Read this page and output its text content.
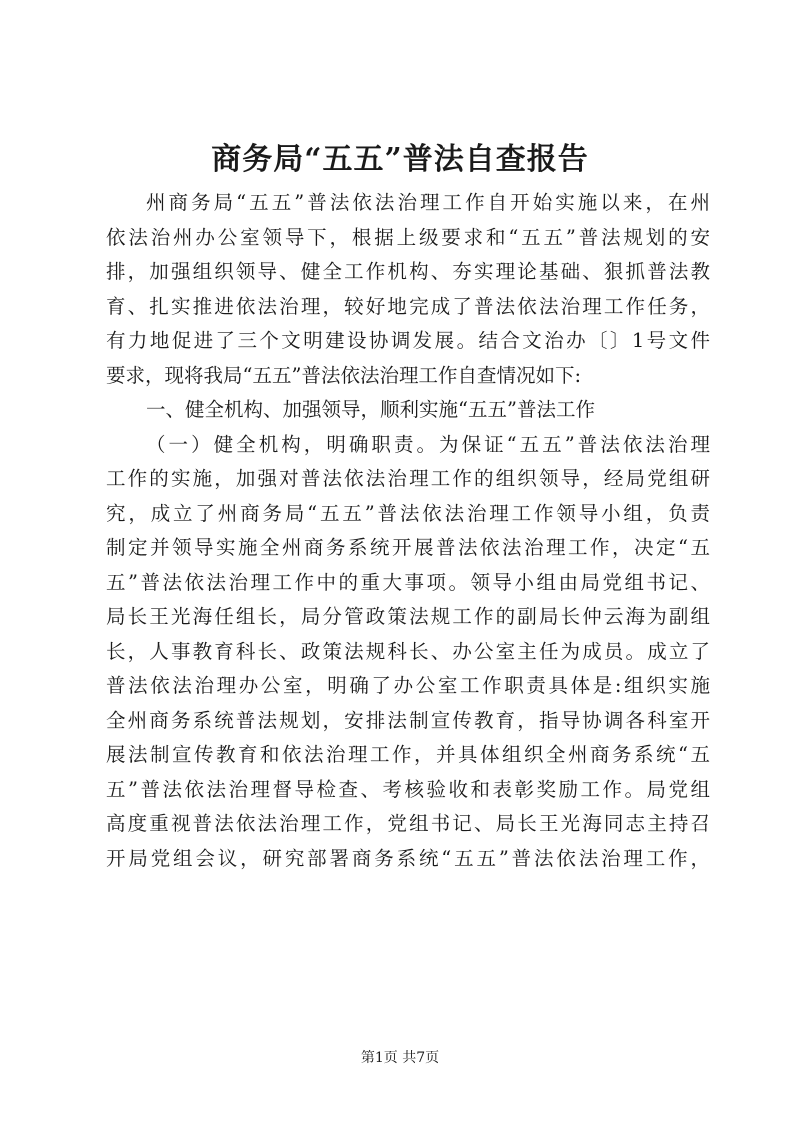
商务局“五五”普法自查报告
州商务局“五五”普法依法治理工作自开始实施以来，在州
依法治州办公室领导下，根据上级要求和“五五”普法规划的安
排，加强组织领导、健全工作机构、夯实理论基础、狠抓普法教
育、扎实推进依法治理，较好地完成了普法依法治理工作任务，
有力地促进了三个文明建设协调发展。结合文治办〔〕1号文件
要求，现将我局“五五”普法依法治理工作自查情况如下:
一、健全机构、加强领导，顺利实施“五五”普法工作
（一）健全机构，明确职责。为保证“五五”普法依法治理
工作的实施，加强对普法依法治理工作的组织领导，经局党组研
究，成立了州商务局“五五”普法依法治理工作领导小组，负责
制定并领导实施全州商务系统开展普法依法治理工作，决定“五
五”普法依法治理工作中的重大事项。领导小组由局党组书记、
局长王光海任组长，局分管政策法规工作的副局长仲云海为副组
长，人事教育科长、政策法规科长、办公室主任为成员。成立了
普法依法治理办公室，明确了办公室工作职责具体是:组织实施
全州商务系统普法规划，安排法制宣传教育，指导协调各科室开
展法制宣传教育和依法治理工作，并具体组织全州商务系统“五
五”普法依法治理督导检查、考核验收和表彰奖励工作。局党组
高度重视普法依法治理工作，党组书记、局长王光海同志主持召
开局党组会议，研究部署商务系统“五五”普法依法治理工作，
第1页 共7页
